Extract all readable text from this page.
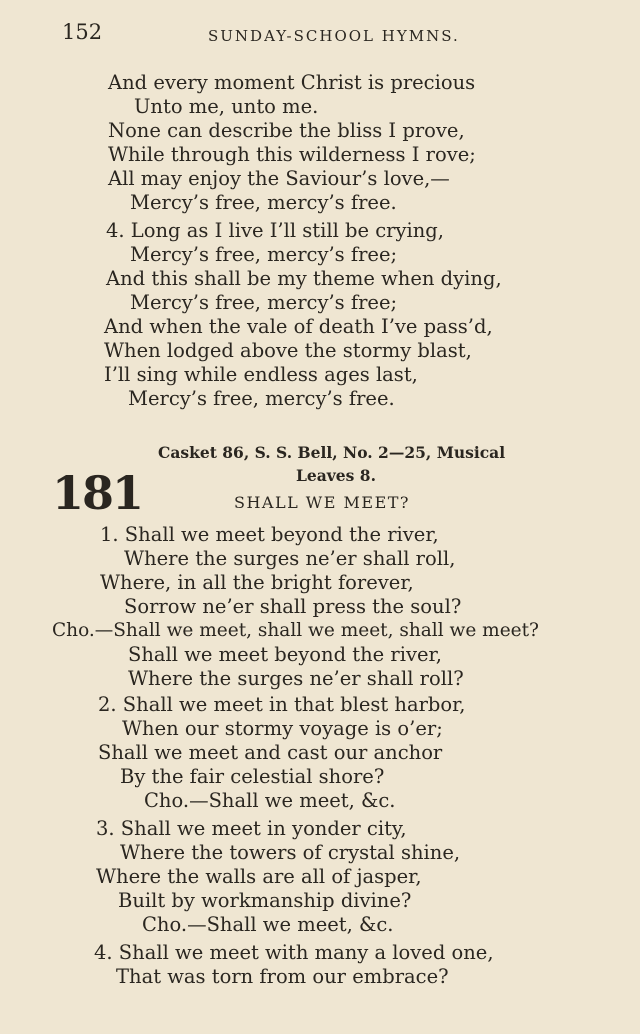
152	SUNDAY-SCHOOL HYMNS.
And every moment Christ is precious
Unto me, unto me.
None can describe the bliss I prove,
While through this wilderness I rove;
All may enjoy the Saviour’s love,—
Mercy’s free, mercy’s free.
4. Long as I live I’ll still be crying,
Mercy’s free, mercy’s free;
And this shall be my theme when dying,
Mercy’s free, mercy’s free;
And when the vale of death I’ve pass’d,
When lodged above the stormy blast,
I’ll sing while endless ages last,
Mercy’s free, mercy’s free.
Casket 86, S. S. Bell, No. 2—25, Musical
Leaves 8.
181	SHALL WE MEET?
1. Shall we meet beyond the river,
Where the surges ne’er shall roll,
Where, in all the bright forever,
Sorrow ne’er shall press the soul?
Cho.—Shall we meet, shall we meet, shall we meet?
Shall we meet beyond the river,
Where the surges ne’er shall roll?
2. Shall we meet in that blest harbor,
When our stormy voyage is o’er;
Shall we meet and cast our anchor
By the fair celestial shore?
Cho.—Shall we meet, &c.
3. Shall we meet in yonder city,
Where the towers of crystal shine,
Where the walls are all of jasper,
Built by workmanship divine?
Cho.—Shall we meet, &c.
4. Shall we meet with many a loved one,
That was torn from our embrace?
